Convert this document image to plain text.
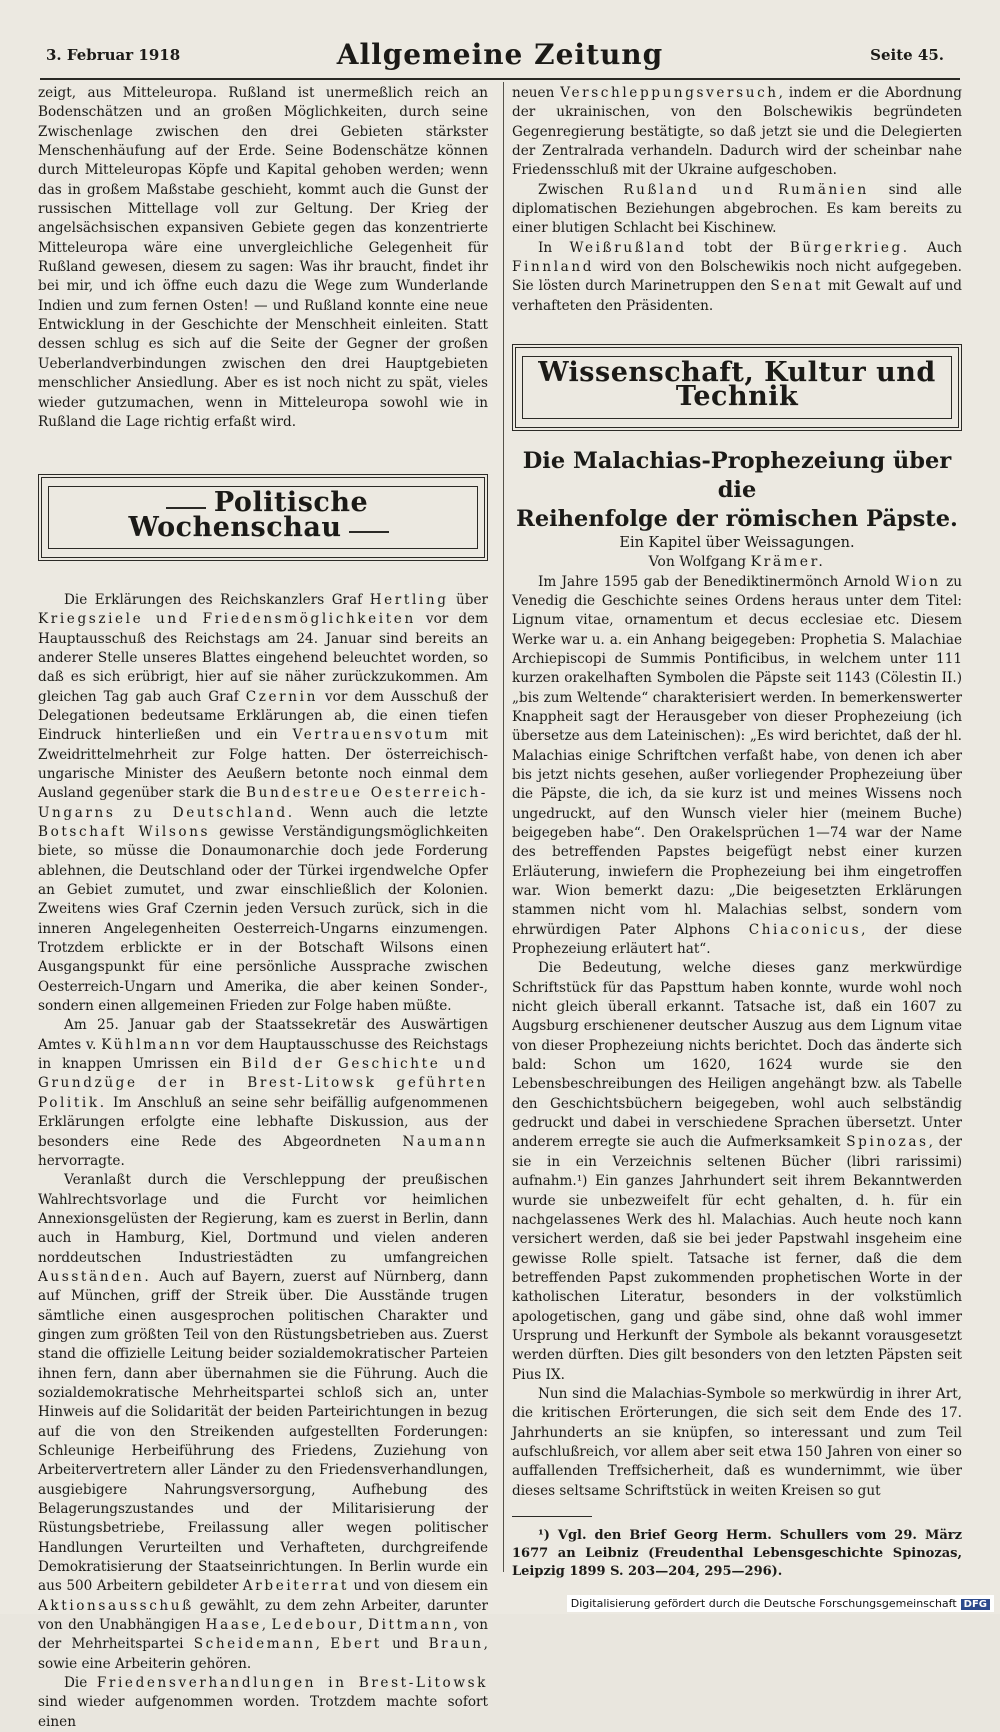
3. Februar 1918	Allgemeine Zeitung	Seite 45.

zeigt, aus Mitteleuropa. Rußland ist unermeßlich reich an Bodenschätzen und an großen Möglichkeiten, durch seine Zwischenlage zwischen den drei Gebieten stärkster Menschenhäufung auf der Erde. Seine Bodenschätze können durch Mitteleuropas Köpfe und Kapital gehoben werden; wenn das in großem Maßstabe geschieht, kommt auch die Gunst der russischen Mittellage voll zur Geltung. Der Krieg der angelsächsischen expansiven Gebiete gegen das konzentrierte Mitteleuropa wäre eine unvergleichliche Gelegenheit für Rußland gewesen, diesem zu sagen: Was ihr braucht, findet ihr bei mir, und ich öffne euch dazu die Wege zum Wunderlande Indien und zum fernen Osten! — und Rußland konnte eine neue Entwicklung in der Geschichte der Menschheit einleiten. Statt dessen schlug es sich auf die Seite der Gegner der großen Ueberlandverbindungen zwischen den drei Hauptgebieten menschlicher Ansiedlung. Aber es ist noch nicht zu spät, vieles wieder gutzumachen, wenn in Mitteleuropa sowohl wie in Rußland die Lage richtig erfaßt wird.

Politische Wochenschau

Die Erklärungen des Reichskanzlers Graf Hertling über Kriegsziele und Friedensmöglichkeiten vor dem Hauptausschuß des Reichstags am 24. Januar sind bereits an anderer Stelle unseres Blattes eingehend beleuchtet worden, so daß es sich erübrigt, hier auf sie näher zurückzukommen. Am gleichen Tag gab auch Graf Czernin vor dem Ausschuß der Delegationen bedeutsame Erklärungen ab, die einen tiefen Eindruck hinterließen und ein Vertrauensvotum mit Zweidrittelmehrheit zur Folge hatten. Der österreichisch-ungarische Minister des Aeußern betonte noch einmal dem Ausland gegenüber stark die Bundestreue Oesterreich-Ungarns zu Deutschland. Wenn auch die letzte Botschaft Wilsons gewisse Verständigungsmöglichkeiten biete, so müsse die Donaumonarchie doch jede Forderung ablehnen, die Deutschland oder der Türkei irgendwelche Opfer an Gebiet zumutet, und zwar einschließlich der Kolonien. Zweitens wies Graf Czernin jeden Versuch zurück, sich in die inneren Angelegenheiten Oesterreich-Ungarns einzumengen. Trotzdem erblickte er in der Botschaft Wilsons einen Ausgangspunkt für eine persönliche Aussprache zwischen Oesterreich-Ungarn und Amerika, die aber keinen Sonder-, sondern einen allgemeinen Frieden zur Folge haben müßte.

Am 25. Januar gab der Staatssekretär des Auswärtigen Amtes v. Kühlmann vor dem Hauptausschusse des Reichstags in knappen Umrissen ein Bild der Geschichte und Grundzüge der in Brest-Litowsk geführten Politik. Im Anschluß an seine sehr beifällig aufgenommenen Erklärungen erfolgte eine lebhafte Diskussion, aus der besonders eine Rede des Abgeordneten Naumann hervorragte.

Veranlaßt durch die Verschleppung der preußischen Wahlrechtsvorlage und die Furcht vor heimlichen Annexionsgelüsten der Regierung, kam es zuerst in Berlin, dann auch in Hamburg, Kiel, Dortmund und vielen anderen norddeutschen Industriestädten zu umfangreichen Ausständen. Auch auf Bayern, zuerst auf Nürnberg, dann auf München, griff der Streik über. Die Ausstände trugen sämtliche einen ausgesprochen politischen Charakter und gingen zum größten Teil von den Rüstungsbetrieben aus. Zuerst stand die offizielle Leitung beider sozialdemokratischer Parteien ihnen fern, dann aber übernahmen sie die Führung. Auch die sozialdemokratische Mehrheitspartei schloß sich an, unter Hinweis auf die Solidarität der beiden Parteirichtungen in bezug auf die von den Streikenden aufgestellten Forderungen: Schleunige Herbeiführung des Friedens, Zuziehung von Arbeitervertretern aller Länder zu den Friedensverhandlungen, ausgiebigere Nahrungsversorgung, Aufhebung des Belagerungszustandes und der Militarisierung der Rüstungsbetriebe, Freilassung aller wegen politischer Handlungen Verurteilten und Verhafteten, durchgreifende Demokratisierung der Staatseinrichtungen. In Berlin wurde ein aus 500 Arbeitern gebildeter Arbeiterrat und von diesem ein Aktionsausschuß gewählt, zu dem zehn Arbeiter, darunter von den Unabhängigen Haase, Ledebour, Dittmann, von der Mehrheitspartei Scheidemann, Ebert und Braun, sowie eine Arbeiterin gehören.

Die Friedensverhandlungen in Brest-Litowsk sind wieder aufgenommen worden. Trotzdem machte sofort einen

neuen Verschleppungsversuch, indem er die Abordnung der ukrainischen, von den Bolschewikis begründeten Gegenregierung bestätigte, so daß jetzt sie und die Delegierten der Zentralrada verhandeln. Dadurch wird der scheinbar nahe Friedensschluß mit der Ukraine aufgeschoben.

Zwischen Rußland und Rumänien sind alle diplomatischen Beziehungen abgebrochen. Es kam bereits zu einer blutigen Schlacht bei Kischinew.

In Weißrußland tobt der Bürgerkrieg. Auch Finnland wird von den Bolschewikis noch nicht aufgegeben. Sie lösten durch Marinetruppen den Senat mit Gewalt auf und verhafteten den Präsidenten.

Wissenschaft, Kultur und Technik

Die Malachias-Prophezeiung über die

Reihenfolge der römischen Päpste.

Ein Kapitel über Weissagungen.

Von Wolfgang Krämer.

Im Jahre 1595 gab der Benediktinermönch Arnold Wion zu Venedig die Geschichte seines Ordens heraus unter dem Titel: Lignum vitae, ornamentum et decus ecclesiae etc. Diesem Werke war u. a. ein Anhang beigegeben: Prophetia S. Malachiae Archiepiscopi de Summis Pontificibus, in welchem unter 111 kurzen orakelhaften Symbolen die Päpste seit 1143 (Cölestin II.) „bis zum Weltende“ charakterisiert werden. In bemerkenswerter Knappheit sagt der Herausgeber von dieser Prophezeiung (ich übersetze aus dem Lateinischen): „Es wird berichtet, daß der hl. Malachias einige Schriftchen verfaßt habe, von denen ich aber bis jetzt nichts gesehen, außer vorliegender Prophezeiung über die Päpste, die ich, da sie kurz ist und meines Wissens noch ungedruckt, auf den Wunsch vieler hier (meinem Buche) beigegeben habe“. Den Orakelsprüchen 1—74 war der Name des betreffenden Papstes beigefügt nebst einer kurzen Erläuterung, inwiefern die Prophezeiung bei ihm eingetroffen war. Wion bemerkt dazu: „Die beigesetzten Erklärungen stammen nicht vom hl. Malachias selbst, sondern vom ehrwürdigen Pater Alphons Chiaconicus, der diese Prophezeiung erläutert hat“.

Die Bedeutung, welche dieses ganz merkwürdige Schriftstück für das Papsttum haben konnte, wurde wohl noch nicht gleich überall erkannt. Tatsache ist, daß ein 1607 zu Augsburg erschienener deutscher Auszug aus dem Lignum vitae von dieser Prophezeiung nichts berichtet. Doch das änderte sich bald: Schon um 1620, 1624 wurde sie den Lebensbeschreibungen des Heiligen angehängt bzw. als Tabelle den Geschichtsbüchern beigegeben, wohl auch selbständig gedruckt und dabei in verschiedene Sprachen übersetzt. Unter anderem erregte sie auch die Aufmerksamkeit Spinozas, der sie in ein Verzeichnis seltenen Bücher (libri rarissimi) aufnahm.¹) Ein ganzes Jahrhundert seit ihrem Bekanntwerden wurde sie unbezweifelt für echt gehalten, d. h. für ein nachgelassenes Werk des hl. Malachias. Auch heute noch kann versichert werden, daß sie bei jeder Papstwahl insgeheim eine gewisse Rolle spielt. Tatsache ist ferner, daß die dem betreffenden Papst zukommenden prophetischen Worte in der katholischen Literatur, besonders in der volkstümlich apologetischen, gang und gäbe sind, ohne daß wohl immer Ursprung und Herkunft der Symbole als bekannt vorausgesetzt werden dürften. Dies gilt besonders von den letzten Päpsten seit Pius IX.

Nun sind die Malachias-Symbole so merkwürdig in ihrer Art, die kritischen Erörterungen, die sich seit dem Ende des 17. Jahrhunderts an sie knüpfen, so interessant und zum Teil aufschlußreich, vor allem aber seit etwa 150 Jahren von einer so auffallenden Treffsicherheit, daß es wundernimmt, wie über dieses seltsame Schriftstück in weiten Kreisen so gut

¹) Vgl. den Brief Georg Herm. Schullers vom 29. März 1677 an Leibniz (Freudenthal Lebensgeschichte Spinozas, Leipzig 1899 S. 203—204, 295—296).

Digitalisierung gefördert durch die Deutsche Forschungsgemeinschaft DFG
